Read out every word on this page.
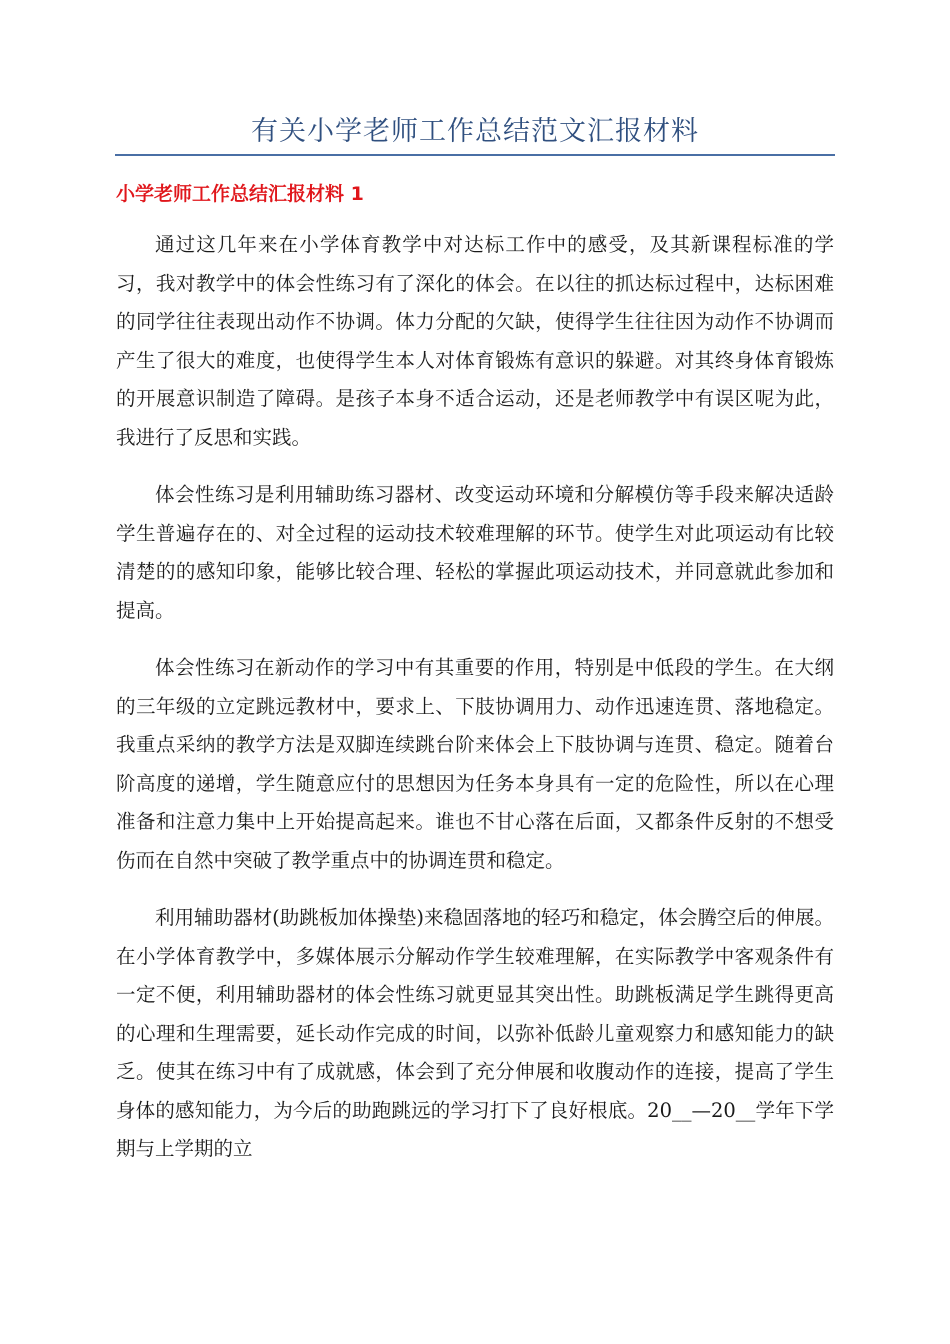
有关小学老师工作总结范文汇报材料
小学老师工作总结汇报材料 1

通过这几年来在小学体育教学中对达标工作中的感受，及其新课程标准的学习，我对教学中的体会性练习有了深化的体会。在以往的抓达标过程中，达标困难的同学往往表现出动作不协调。体力分配的欠缺，使得学生往往因为动作不协调而产生了很大的难度，也使得学生本人对体育锻炼有意识的躲避。对其终身体育锻炼的开展意识制造了障碍。是孩子本身不适合运动，还是老师教学中有误区呢为此，我进行了反思和实践。

体会性练习是利用辅助练习器材、改变运动环境和分解模仿等手段来解决适龄学生普遍存在的、对全过程的运动技术较难理解的环节。使学生对此项运动有比较清楚的的感知印象，能够比较合理、轻松的掌握此项运动技术，并同意就此参加和提高。

体会性练习在新动作的学习中有其重要的作用，特别是中低段的学生。在大纲的三年级的立定跳远教材中，要求上、下肢协调用力、动作迅速连贯、落地稳定。我重点采纳的教学方法是双脚连续跳台阶来体会上下肢协调与连贯、稳定。随着台阶高度的递增，学生随意应付的思想因为任务本身具有一定的危险性，所以在心理准备和注意力集中上开始提高起来。谁也不甘心落在后面，又都条件反射的不想受伤而在自然中突破了教学重点中的协调连贯和稳定。

利用辅助器材(助跳板加体操垫)来稳固落地的轻巧和稳定，体会腾空后的伸展。在小学体育教学中，多媒体展示分解动作学生较难理解，在实际教学中客观条件有一定不便，利用辅助器材的体会性练习就更显其突出性。助跳板满足学生跳得更高的心理和生理需要，延长动作完成的时间，以弥补低龄儿童观察力和感知能力的缺乏。使其在练习中有了成就感，体会到了充分伸展和收腹动作的连接，提高了学生身体的感知能力，为今后的助跑跳远的学习打下了良好根底。20__—20__学年下学期与上学期的立
